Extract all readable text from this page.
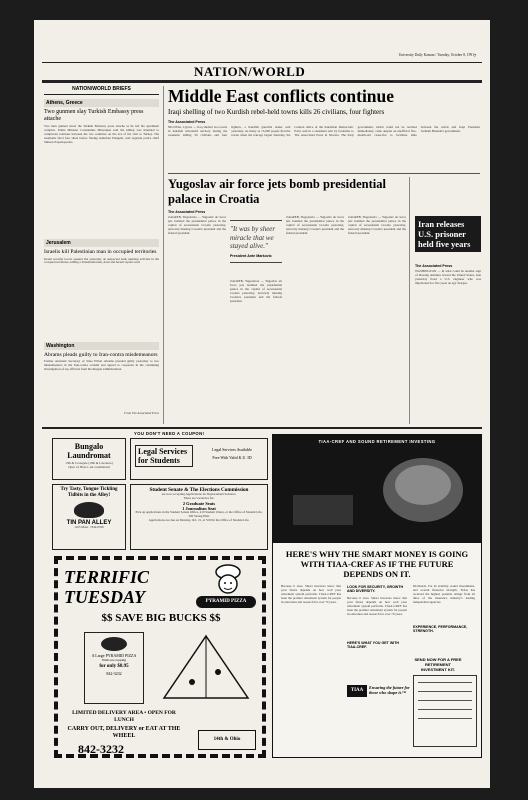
University Daily Kansan / Tuesday, October 8, 1991 7
NATION/WORLD
NATION/WORLD BRIEFS
Athens, Greece
Two gunmen slay Turkish Embassy press attache
Two men gunned down the Turkish Embassy press attache as he left his apartment complex. Prime Minister Constantine Mitsotakis said the killing was intended to complicate relations between the two countries on the eve of his visit to Turkey. The assailants fired four shots before fleeing suburban Psingeni, said regional police chief Simeon Papadopoulos.
Jerusalem
Israelis kill Palestinian man in occupied territories
Israeli security forces opened fire yesterday on suspected Arab uprising activists in the occupied territories, killing a Palestinian man, Arab and Israeli reports said.
Washington
Abrams pleads guilty to Iran-contra misdemeanors
Former Assistant Secretary of State Elliott Abrams pleaded guilty yesterday to two misdemeanors in the Iran-contra scandal and agreed to cooperate in the continuing investigation of top officials from the Reagan administration.
From The Associated Press
Middle East conflicts continue
Iraqi shelling of two Kurdish rebel-held towns kills 26 civilians, four fighters
The Associated Press
NICOSIA, Cyprus — Iraq shelled two towns in Kurdish rebel-held territory during the weekend, killing 26 civilians and four fighters, a Kurdish guerrilla leader said yesterday. As many as 15,000 people fled the towns when the barrage began Saturday, the London office of the Kurdistan Democratic Party said in a statement sent by facsimile to The Associated Press in Nicosia. The Iraqi government, which could not be reached immediately, came despite an unofficial five-month-old cease-fire to facilitate talks between the rebels and Iraqi President Saddam Hussein's government.
Yugoslav air force jets bomb presidential palace in Croatia
The Associated Press
ZAGREB, Yugoslavia — Yugoslav air force jets bombed the presidential palace in the capital of secessionist Croatia yesterday, narrowly missing Croatia's president and the federal president.
ZAGREB, Yugoslavia — Yugoslav air force jets bombed the presidential palace in the capital of secessionist Croatia yesterday, narrowly missing Croatia's president and the federal president.
ZAGREB, Yugoslavia — Yugoslav air force jets bombed the presidential palace in the capital of secessionist Croatia yesterday, narrowly missing Croatia's president and the federal president.
"It was by sheer miracle that we stayed alive."
President Ante Markovic
ZAGREB, Yugoslavia — Yugoslav air force jets bombed the presidential palace in the capital of secessionist Croatia yesterday, narrowly missing Croatia's president and the federal president.
Iran releases U.S. prisoner held five years
The Associated Press
WASHINGTON — In what could be another sign of thawing attitudes toward the United States, Iran yesterday freed a U.S. engineer who was imprisoned for five years on spy charges.
YOU DON'T NEED A COUPON!
Bungalo Laundromat
15th & Crossgate (10th & Lawrence)
Open 24 Hours- Air-conditioned
Legal Services for Students
Legal Services Available
Free With Valid K.U. ID
Try Tasty, Tongue Tickling Tidbits in the Alley!
TIN PAN ALLEY
1105 Mass. • 842-0760
Student Senate & The Elections Commission
are now accepting Applications for Replacement Senators.
There are vacancies for:
2 Graduate Seats
1 Journalism Seat
Pick up applications in the Student Senate Office, 410 Student Union, or the Office of Student Life, 300 Strong Hall.
Applications are due on Monday, Oct. 21, at 5:00 In the Office of Student Life.
TERRIFIC
TUESDAY	PYRAMID PIZZA
$$ SAVE BIG BUCKS $$
A Large PYRAMID PIZZA
With one topping
for only $8.95
842-3232
LIMITED DELIVERY AREA • OPEN FOR LUNCH
CARRY OUT, DELIVERY or EAT AT THE WHEEL
842-3232
14th & Ohio
TIAA-CREF AND SOUND RETIREMENT INVESTING
HERE'S WHY THE SMART MONEY IS GOING WITH TIAA-CREF AS IF THE FUTURE DEPENDS ON IT.
Because it does. Smart investors know that your future depends on how well your retirement system performs. TIAA-CREF has been the premier retirement system for people in education and research for over 70 years.
LOOK FOR SECURITY, GROWTH AND DIVERSITY.
Because it does. Smart investors know that your future depends on how well your retirement system performs. TIAA-CREF has been the premier retirement system for people in education and research for over 70 years.
HERE'S WHAT YOU GET WITH TIAA-CREF.
Dividends. For its stability, sound investments, and overall financial strength, TIAA has received the highest possible ratings from all three of the insurance industry's leading independent agencies.
EXPERIENCE, PERFORMANCE, STRENGTH.
SEND NOW FOR A FREE RETIREMENT INVESTMENT KIT.
TIAA
Ensuring the future for those who shape it.™
